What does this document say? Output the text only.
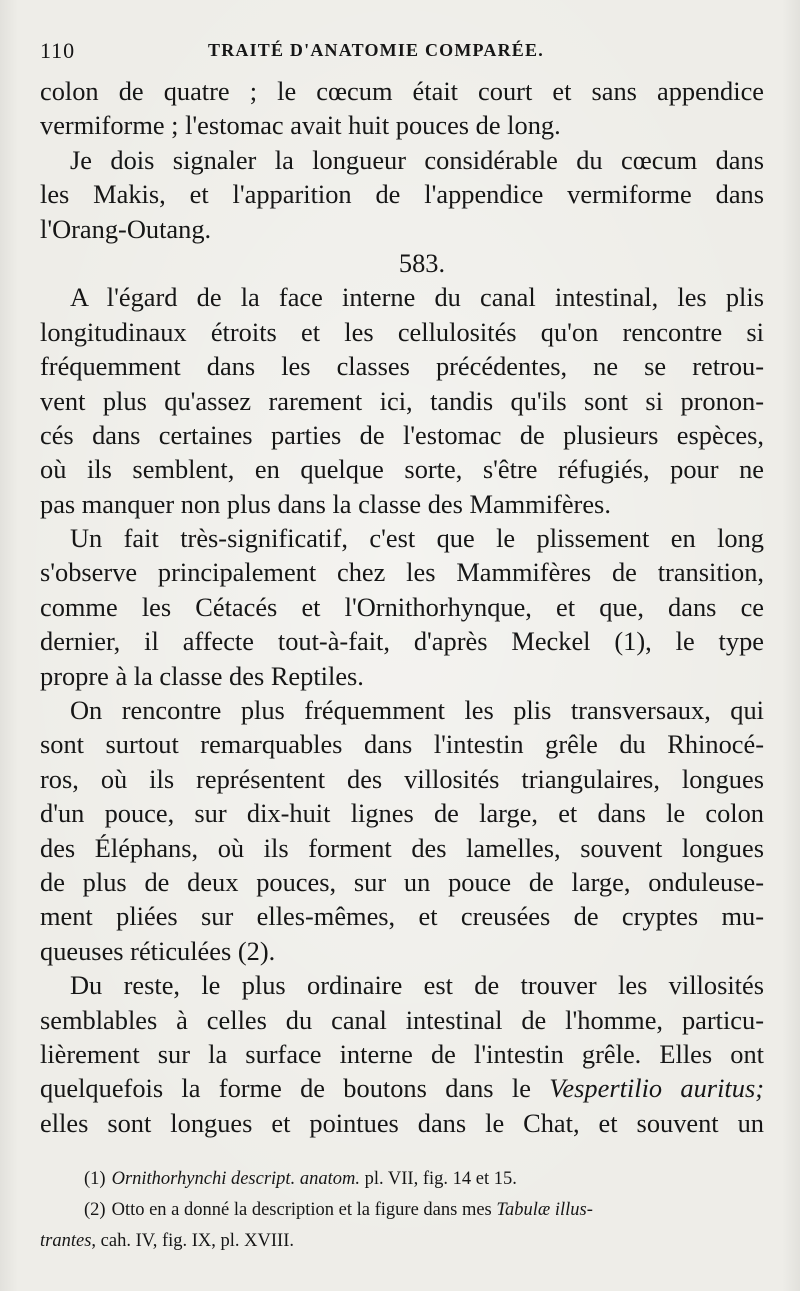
110	TRAITÉ D'ANATOMIE COMPARÉE.
colon de quatre ; le cœcum était court et sans appendice
vermiforme ; l'estomac avait huit pouces de long.
Je dois signaler la longueur considérable du cœcum dans
les Makis, et l'apparition de l'appendice vermiforme dans
l'Orang-Outang.
583.
A l'égard de la face interne du canal intestinal, les plis
longitudinaux étroits et les cellulosités qu'on rencontre si
fréquemment dans les classes précédentes, ne se retrou-
vent plus qu'assez rarement ici, tandis qu'ils sont si pronon-
cés dans certaines parties de l'estomac de plusieurs espèces,
où ils semblent, en quelque sorte, s'être réfugiés, pour ne
pas manquer non plus dans la classe des Mammifères.
Un fait très-significatif, c'est que le plissement en long
s'observe principalement chez les Mammifères de transition,
comme les Cétacés et l'Ornithorhynque, et que, dans ce
dernier, il affecte tout-à-fait, d'après Meckel (1), le type
propre à la classe des Reptiles.
On rencontre plus fréquemment les plis transversaux, qui
sont surtout remarquables dans l'intestin grêle du Rhinocé-
ros, où ils représentent des villosités triangulaires, longues
d'un pouce, sur dix-huit lignes de large, et dans le colon
des Éléphans, où ils forment des lamelles, souvent longues
de plus de deux pouces, sur un pouce de large, onduleuse-
ment pliées sur elles-mêmes, et creusées de cryptes mu-
queuses réticulées (2).
Du reste, le plus ordinaire est de trouver les villosités
semblables à celles du canal intestinal de l'homme, particu-
lièrement sur la surface interne de l'intestin grêle. Elles ont
quelquefois la forme de boutons dans le Vespertilio auritus;
elles sont longues et pointues dans le Chat, et souvent un
(1) Ornithorhynchi descript. anatom. pl. VII, fig. 14 et 15.
(2) Otto en a donné la description et la figure dans mes Tabulæ illus-
trantes, cah. IV, fig. IX, pl. XVIII.
